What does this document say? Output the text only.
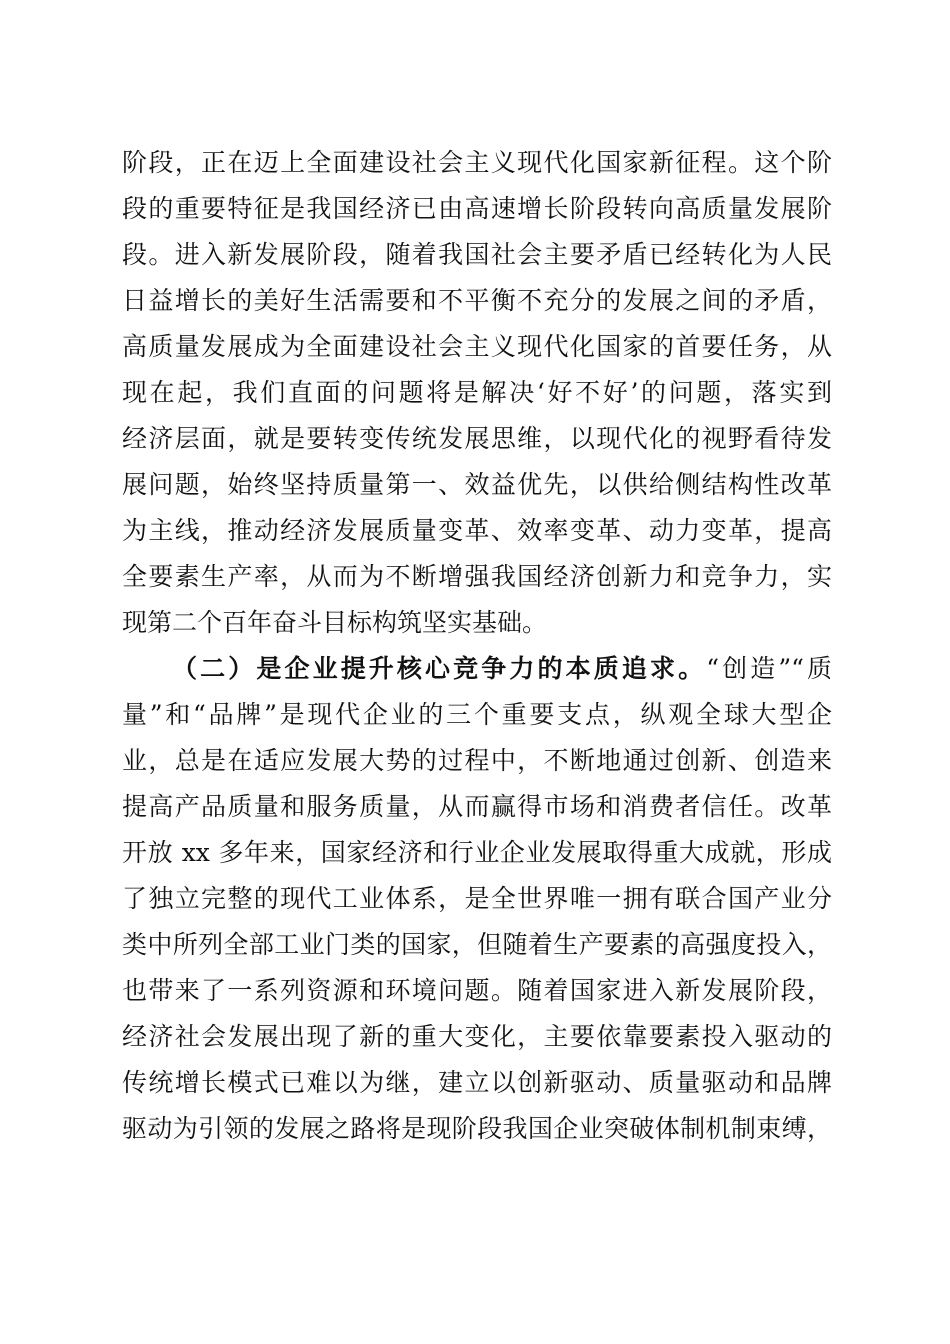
阶段，正在迈上全面建设社会主义现代化国家新征程。这个阶
段的重要特征是我国经济已由高速增长阶段转向高质量发展阶
段。进入新发展阶段，随着我国社会主要矛盾已经转化为人民
日益增长的美好生活需要和不平衡不充分的发展之间的矛盾，
高质量发展成为全面建设社会主义现代化国家的首要任务，从
现在起，我们直面的问题将是解决‘好不好’的问题，落实到
经济层面，就是要转变传统发展思维，以现代化的视野看待发
展问题，始终坚持质量第一、效益优先，以供给侧结构性改革
为主线，推动经济发展质量变革、效率变革、动力变革，提高
全要素生产率，从而为不断增强我国经济创新力和竞争力，实
现第二个百年奋斗目标构筑坚实基础。
（二）是企业提升核心竞争力的本质追求。“创造”“质
量”和“品牌”是现代企业的三个重要支点，纵观全球大型企
业，总是在适应发展大势的过程中，不断地通过创新、创造来
提高产品质量和服务质量，从而赢得市场和消费者信任。改革
开放 xx 多年来，国家经济和行业企业发展取得重大成就，形成
了独立完整的现代工业体系，是全世界唯一拥有联合国产业分
类中所列全部工业门类的国家，但随着生产要素的高强度投入，
也带来了一系列资源和环境问题。随着国家进入新发展阶段，
经济社会发展出现了新的重大变化，主要依靠要素投入驱动的
传统增长模式已难以为继，建立以创新驱动、质量驱动和品牌
驱动为引领的发展之路将是现阶段我国企业突破体制机制束缚，
